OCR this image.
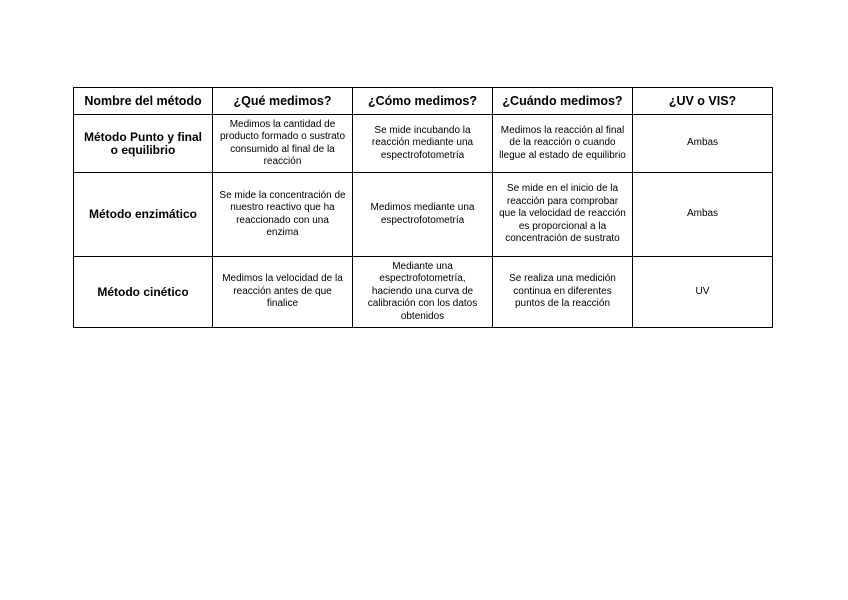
Nombre del método	¿Qué medimos?	¿Cómo medimos?	¿Cuándo medimos?	¿UV o VIS?
Método Punto y final o equilibrio	Medimos la cantidad de producto formado o sustrato consumido al final de la reacción	Se mide incubando la reacción mediante una espectrofotometría	Medimos la reacción al final de la reacción o cuando llegue al estado de equilibrio	Ambas
Método enzimático	Se mide la concentración de nuestro reactivo que ha reaccionado con una enzima	Medimos mediante una espectrofotometría	Se mide en el inicio de la reacción para comprobar que la velocidad de reacción es proporcional a la concentración de sustrato	Ambas
Método cinético	Medimos la velocidad de la reacción antes de que finalice	Mediante una espectrofotometría, haciendo una curva de calibración con los datos obtenidos	Se realiza una medición continua en diferentes puntos de la reacción	UV
